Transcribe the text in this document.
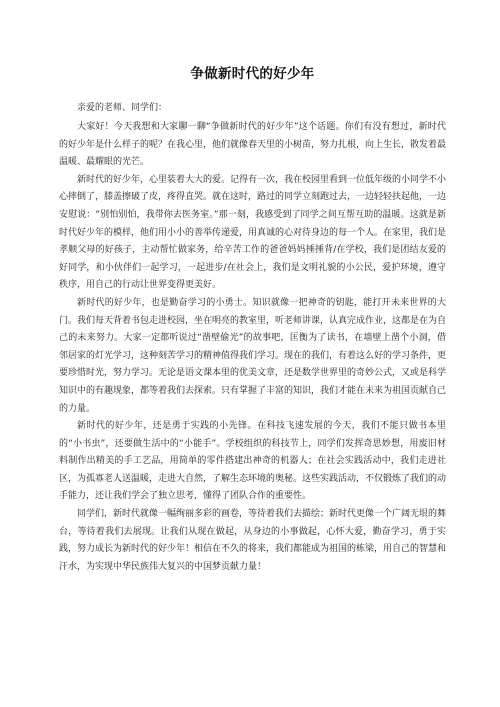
争做新时代的好少年
亲爱的老师、同学们：

大家好！今天我想和大家聊一聊“争做新时代的好少年”这个话题。你们有没有想过，新时代的好少年是什么样子的呢？在我心里，他们就像春天里的小树苗，努力扎根，向上生长，散发着最温暖、最耀眼的光芒。

新时代的好少年，心里装着大大的爱。记得有一次，我在校园里看到一位低年级的小同学不小心摔倒了，膝盖擦破了皮，疼得直哭。就在这时，路过的同学立刻跑过去，一边轻轻扶起他，一边安慰说：“别怕别怕，我带你去医务室。”那一刻，我感受到了同学之间互帮互助的温暖。这就是新时代好少年的模样，他们用小小的善举传递爱，用真诚的心对待身边的每一个人。在家里，我们是孝顺父母的好孩子，主动帮忙做家务，给辛苦工作的爸爸妈妈捶捶背/在学校，我们是团结友爱的好同学，和小伙伴们一起学习，一起进步/在社会上，我们是文明礼貌的小公民，爱护环境，遵守秩序，用自己的行动让世界变得更美好。

新时代的好少年，也是勤奋学习的小勇士。知识就像一把神奇的钥匙，能打开未来世界的大门。我们每天背着书包走进校园，坐在明亮的教室里，听老师讲课，认真完成作业，这都是在为自己的未来努力。大家一定都听说过“凿壁偷光”的故事吧，匡衡为了读书，在墙壁上凿个小洞，借邻居家的灯光学习，这种刻苦学习的精神值得我们学习。现在的我们，有着这么好的学习条件，更要珍惜时光，努力学习。无论是语文课本里的优美文章，还是数学世界里的奇妙公式，又或是科学知识中的有趣现象，都等着我们去探索。只有掌握了丰富的知识，我们才能在未来为祖国贡献自己的力量。

新时代的好少年，还是勇于实践的小先锋。在科技飞速发展的今天，我们不能只做书本里的“小书虫”，还要做生活中的“小能手”。学校组织的科技节上，同学们发挥奇思妙想，用废旧材料制作出精美的手工艺品，用简单的零件搭建出神奇的机器人；在社会实践活动中，我们走进社区，为孤寡老人送温暖，走进大自然，了解生态环境的奥秘。这些实践活动，不仅锻炼了我们的动手能力，还让我们学会了独立思考，懂得了团队合作的重要性。

同学们，新时代就像一幅绚丽多彩的画卷，等待着我们去描绘；新时代更像一个广阔无垠的舞台，等待着我们去展现。让我们从现在做起，从身边的小事做起，心怀大爱，勤奋学习，勇于实践，努力成长为新时代的好少年！相信在不久的将来，我们都能成为祖国的栋梁，用自己的智慧和汗水，为实现中华民族伟大复兴的中国梦贡献力量！
